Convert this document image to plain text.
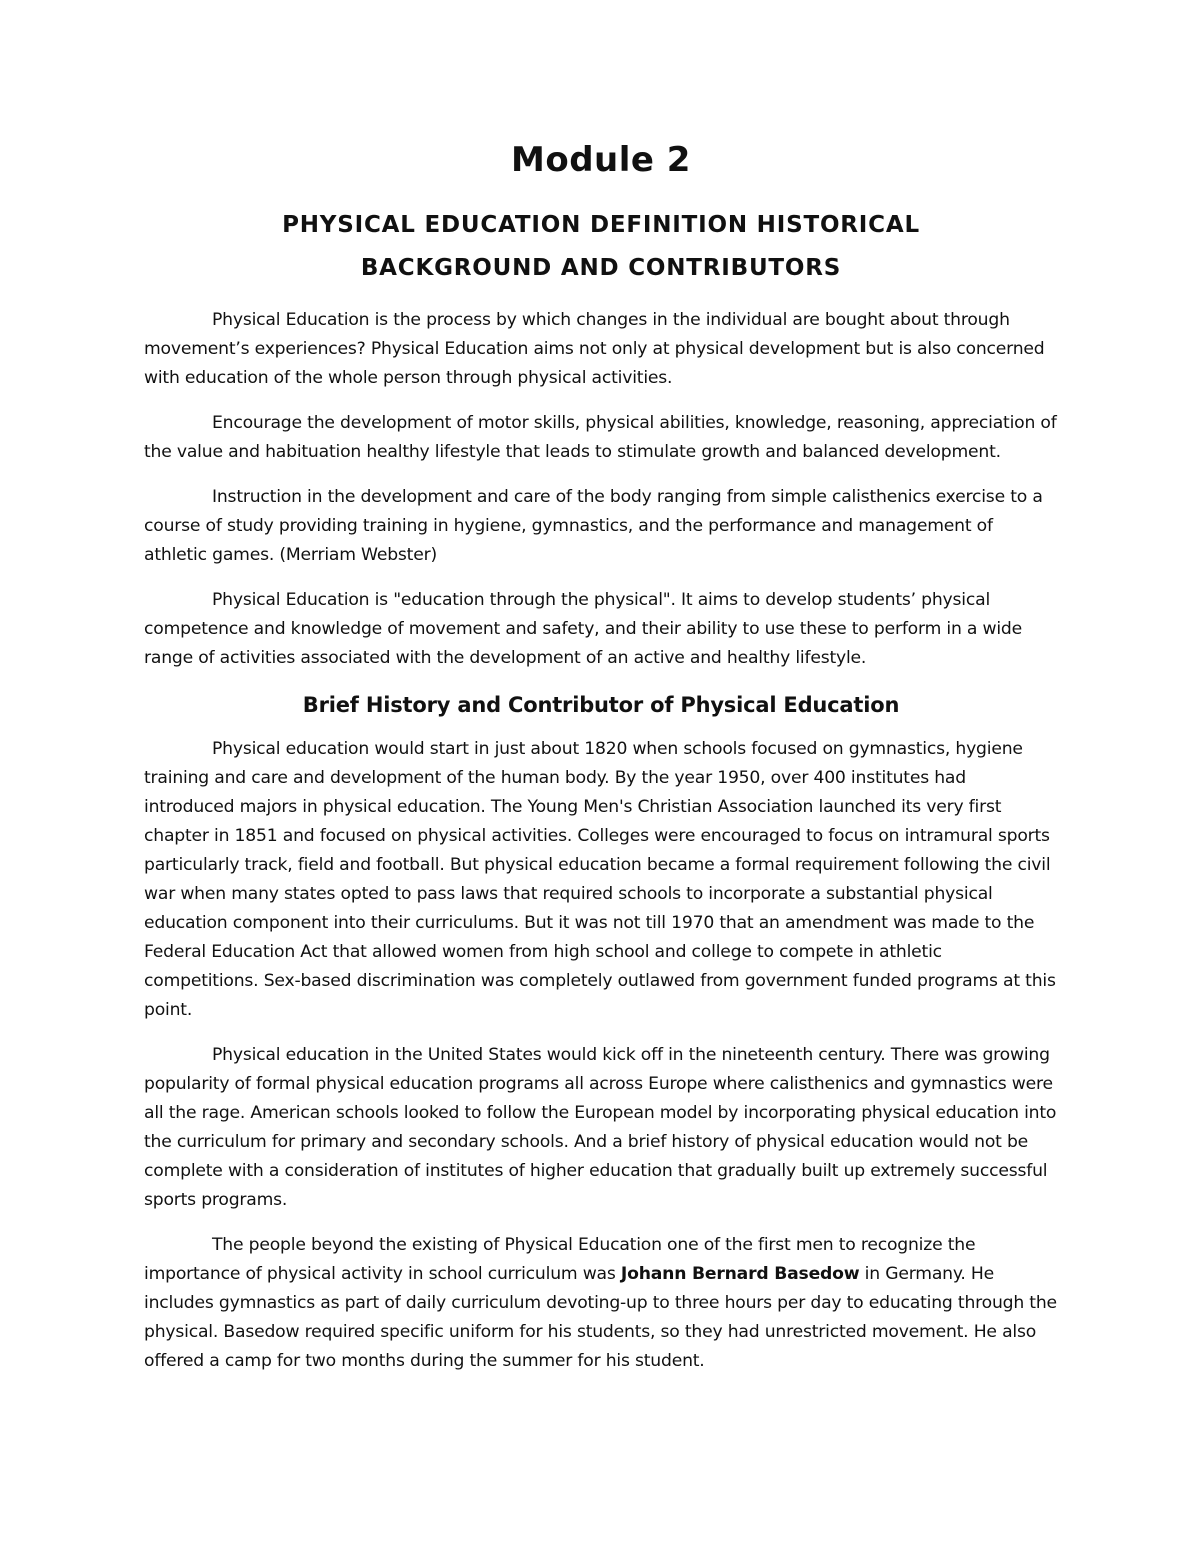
Module 2
PHYSICAL EDUCATION DEFINITION HISTORICAL
BACKGROUND AND CONTRIBUTORS

Physical Education is the process by which changes in the individual are bought about through movement’s experiences? Physical Education aims not only at physical development but is also concerned with education of the whole person through physical activities.

Encourage the development of motor skills, physical abilities, knowledge, reasoning, appreciation of the value and habituation healthy lifestyle that leads to stimulate growth and balanced development.

Instruction in the development and care of the body ranging from simple calisthenics exercise to a course of study providing training in hygiene, gymnastics, and the performance and management of athletic games. (Merriam Webster)

Physical Education is "education through the physical". It aims to develop students’ physical competence and knowledge of movement and safety, and their ability to use these to perform in a wide range of activities associated with the development of an active and healthy lifestyle.

Brief History and Contributor of Physical Education

Physical education would start in just about 1820 when schools focused on gymnastics, hygiene training and care and development of the human body. By the year 1950, over 400 institutes had introduced majors in physical education. The Young Men's Christian Association launched its very first chapter in 1851 and focused on physical activities. Colleges were encouraged to focus on intramural sports particularly track, field and football. But physical education became a formal requirement following the civil war when many states opted to pass laws that required schools to incorporate a substantial physical education component into their curriculums. But it was not till 1970 that an amendment was made to the Federal Education Act that allowed women from high school and college to compete in athletic competitions. Sex-based discrimination was completely outlawed from government funded programs at this point.

Physical education in the United States would kick off in the nineteenth century. There was growing popularity of formal physical education programs all across Europe where calisthenics and gymnastics were all the rage. American schools looked to follow the European model by incorporating physical education into the curriculum for primary and secondary schools. And a brief history of physical education would not be complete with a consideration of institutes of higher education that gradually built up extremely successful sports programs.

The people beyond the existing of Physical Education one of the first men to recognize the importance of physical activity in school curriculum was Johann Bernard Basedow in Germany. He includes gymnastics as part of daily curriculum devoting-up to three hours per day to educating through the physical. Basedow required specific uniform for his students, so they had unrestricted movement. He also offered a camp for two months during the summer for his student.
